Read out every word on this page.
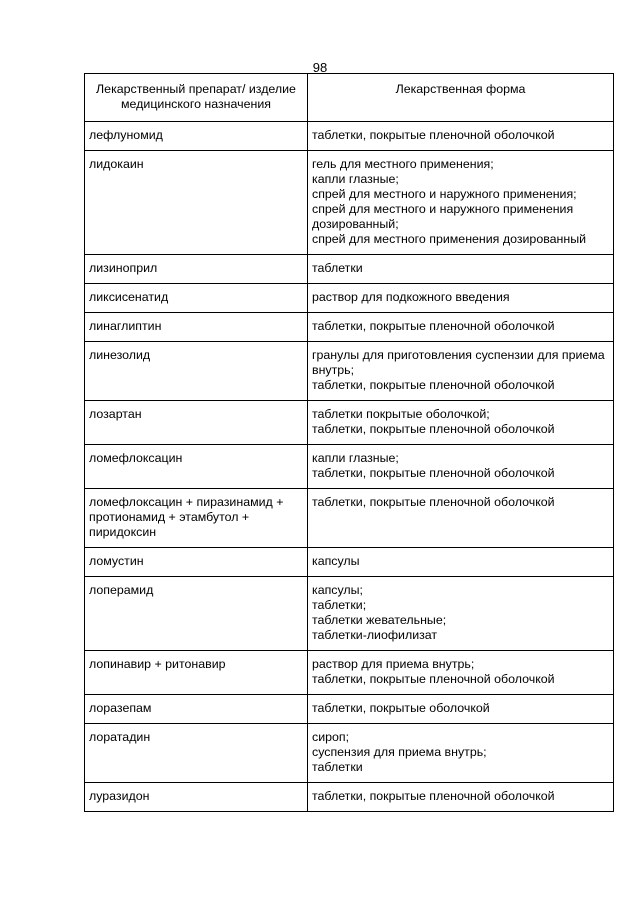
98
Лекарственный препарат/ изделие медицинского назначения	Лекарственная форма
лефлуномид	таблетки, покрытые пленочной оболочкой

лидокаин	гель для местного применения;
капли глазные;
спрей для местного и наружного применения;
спрей для местного и наружного применения дозированный;
спрей для местного применения дозированный

лизиноприл	таблетки

ликсисенатид	раствор для подкожного введения

линаглиптин	таблетки, покрытые пленочной оболочкой

линезолид	гранулы для приготовления суспензии для приема внутрь;
таблетки, покрытые пленочной оболочкой

лозартан	таблетки покрытые оболочкой;
таблетки, покрытые пленочной оболочкой

ломефлоксацин	капли глазные;
таблетки, покрытые пленочной оболочкой

ломефлоксацин + пиразинамид + протионамид + этамбутол + пиридоксин	таблетки, покрытые пленочной оболочкой

ломустин	капсулы

лоперамид	капсулы;
таблетки;
таблетки жевательные;
таблетки-лиофилизат

лопинавир + ритонавир	раствор для приема внутрь;
таблетки, покрытые пленочной оболочкой

лоразепам	таблетки, покрытые оболочкой

лоратадин	сироп;
суспензия для приема внутрь;
таблетки

луразидон	таблетки, покрытые пленочной оболочкой
